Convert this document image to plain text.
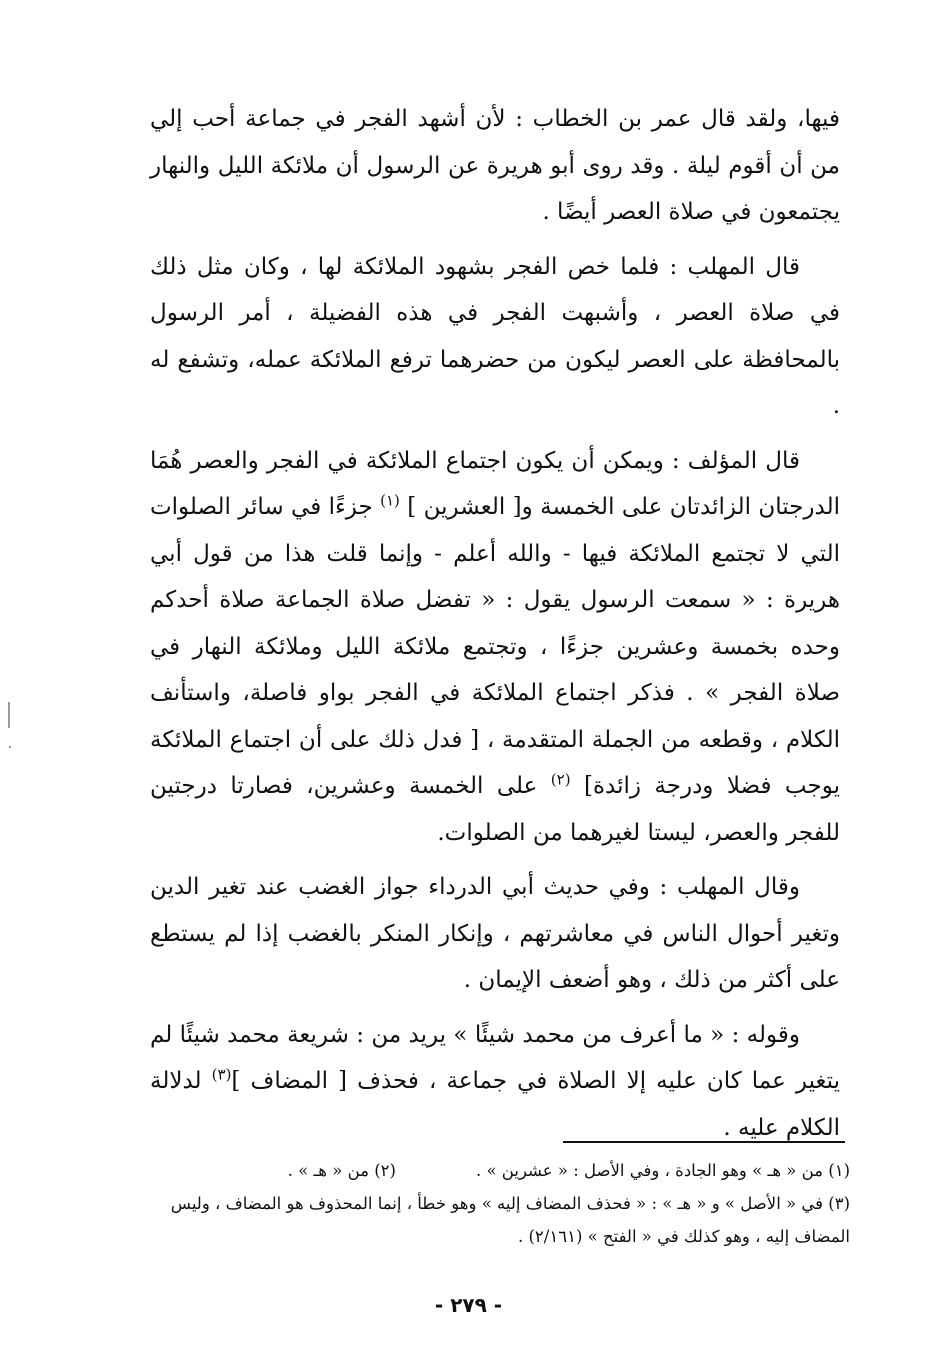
فيها، ولقد قال عمر بن الخطاب : لأن أشهد الفجر في جماعة أحب إلي من أن أقوم ليلة . وقد روى أبو هريرة عن الرسول أن ملائكة الليل والنهار يجتمعون في صلاة العصر أيضًا .

قال المهلب : فلما خص الفجر بشهود الملائكة لها ، وكان مثل ذلك في صلاة العصر ، وأشبهت الفجر في هذه الفضيلة ، أمر الرسول بالمحافظة على العصر ليكون من حضرهما ترفع الملائكة عمله، وتشفع له .

قال المؤلف : ويمكن أن يكون اجتماع الملائكة في الفجر والعصر هُمَا الدرجتان الزائدتان على الخمسة و[ العشرين ] $^{(١)}$ جزءًا في سائر الصلوات التي لا تجتمع الملائكة فيها - والله أعلم - وإنما قلت هذا من قول أبي هريرة : « سمعت الرسول يقول : « تفضل صلاة الجماعة صلاة أحدكم وحده بخمسة وعشرين جزءًا ، وتجتمع ملائكة الليل وملائكة النهار في صلاة الفجر » . فذكر اجتماع الملائكة في الفجر بواو فاصلة، واستأنف الكلام ، وقطعه من الجملة المتقدمة ، [ فدل ذلك على أن اجتماع الملائكة يوجب فضلا ودرجة زائدة] $^{(٢)}$ على الخمسة وعشرين، فصارتا درجتين للفجر والعصر، ليستا لغيرهما من الصلوات.

وقال المهلب : وفي حديث أبي الدرداء جواز الغضب عند تغير الدين وتغير أحوال الناس في معاشرتهم ، وإنكار المنكر بالغضب إذا لم يستطع على أكثر من ذلك ، وهو أضعف الإيمان .

وقوله : « ما أعرف من محمد شيئًا » يريد من : شريعة محمد شيئًا لم يتغير عما كان عليه إلا الصلاة في جماعة ، فحذف [ المضاف ]$^{(٣)}$ لدلالة الكلام عليه .

(١) من « هـ » وهو الجادة ، وفي الأصل : « عشرين » .
(٢) من « هـ » .
(٣) في « الأصل » و « هـ » : « فحذف المضاف إليه » وهو خطأ ، إنما المحذوف هو المضاف ، وليس المضاف إليه ، وهو كذلك في « الفتح » (٢/١٦١) .
- ٢٧٩ -
